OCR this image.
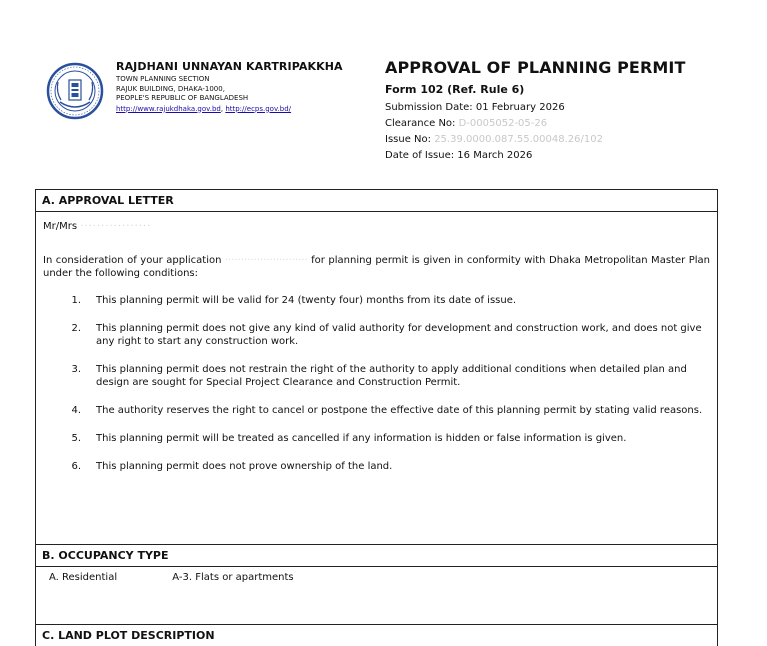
RAJDHANI UNNAYAN KARTRIPAKKHA
TOWN PLANNING SECTION
RAJUK BUILDING, DHAKA-1000,
PEOPLE'S REPUBLIC OF BANGLADESH
http://www.rajukdhaka.gov.bd, http://ecps.gov.bd/
APPROVAL OF PLANNING PERMIT
Form 102 (Ref. Rule 6)
Submission Date: 01 February 2026
Clearance No: D-0005052-05-26
Issue No: 25.39.0000.087.55.00048.26/102
Date of Issue: 16 March 2026
A. APPROVAL LETTER
Mr/Mrs ·················
In consideration of your application ·························· for planning permit is given in conformity with Dhaka Metropolitan Master Plan under the following conditions:
1. This planning permit will be valid for 24 (twenty four) months from its date of issue.
2. This planning permit does not give any kind of valid authority for development and construction work, and does not give any right to start any construction work.
3. This planning permit does not restrain the right of the authority to apply additional conditions when detailed plan and design are sought for Special Project Clearance and Construction Permit.
4. The authority reserves the right to cancel or postpone the effective date of this planning permit by stating valid reasons.
5. This planning permit will be treated as cancelled if any information is hidden or false information is given.
6. This planning permit does not prove ownership of the land.
B. OCCUPANCY TYPE
A. Residential	A-3. Flats or apartments
C. LAND PLOT DESCRIPTION
